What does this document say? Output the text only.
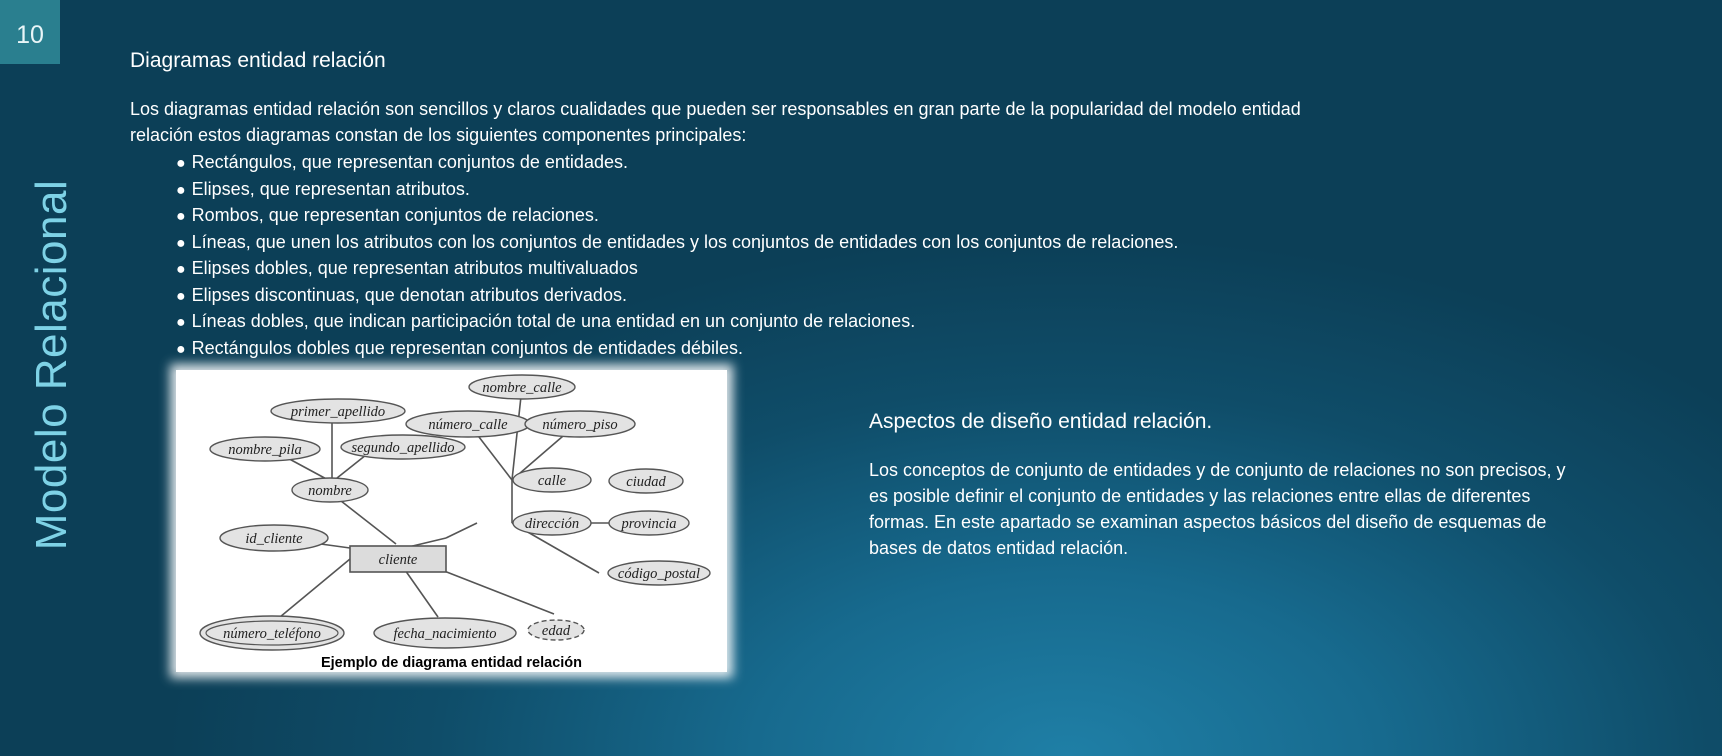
10
Modelo Relacional
Diagramas entidad relación
Los diagramas entidad relación son sencillos y claros cualidades que pueden ser responsables en gran parte de la popularidad del modelo entidad relación estos diagramas constan de los siguientes componentes principales:
● Rectángulos, que representan conjuntos de entidades.
● Elipses, que representan atributos.
● Rombos, que representan conjuntos de relaciones.
● Líneas, que unen los atributos con los conjuntos de entidades y los conjuntos de entidades con los conjuntos de relaciones.
● Elipses dobles, que representan atributos multivaluados
● Elipses discontinuas, que denotan atributos derivados.
● Líneas dobles, que indican participación total de una entidad en un conjunto de relaciones.
● Rectángulos dobles que representan conjuntos de entidades débiles.
nombre_calle
primer_apellido
número_calle número_piso
nombre_pila	segundo_apellido
calle	ciudad
nombre
dirección	provincia
id_cliente
código_postal
número_teléfono	fecha_nacimiento	edad
cliente
Ejemplo de diagrama entidad relación
Aspectos de diseño entidad relación.
Los conceptos de conjunto de entidades y de conjunto de relaciones no son precisos, y es posible definir el conjunto de entidades y las relaciones entre ellas de diferentes formas. En este apartado se examinan aspectos básicos del diseño de esquemas de bases de datos entidad relación.
